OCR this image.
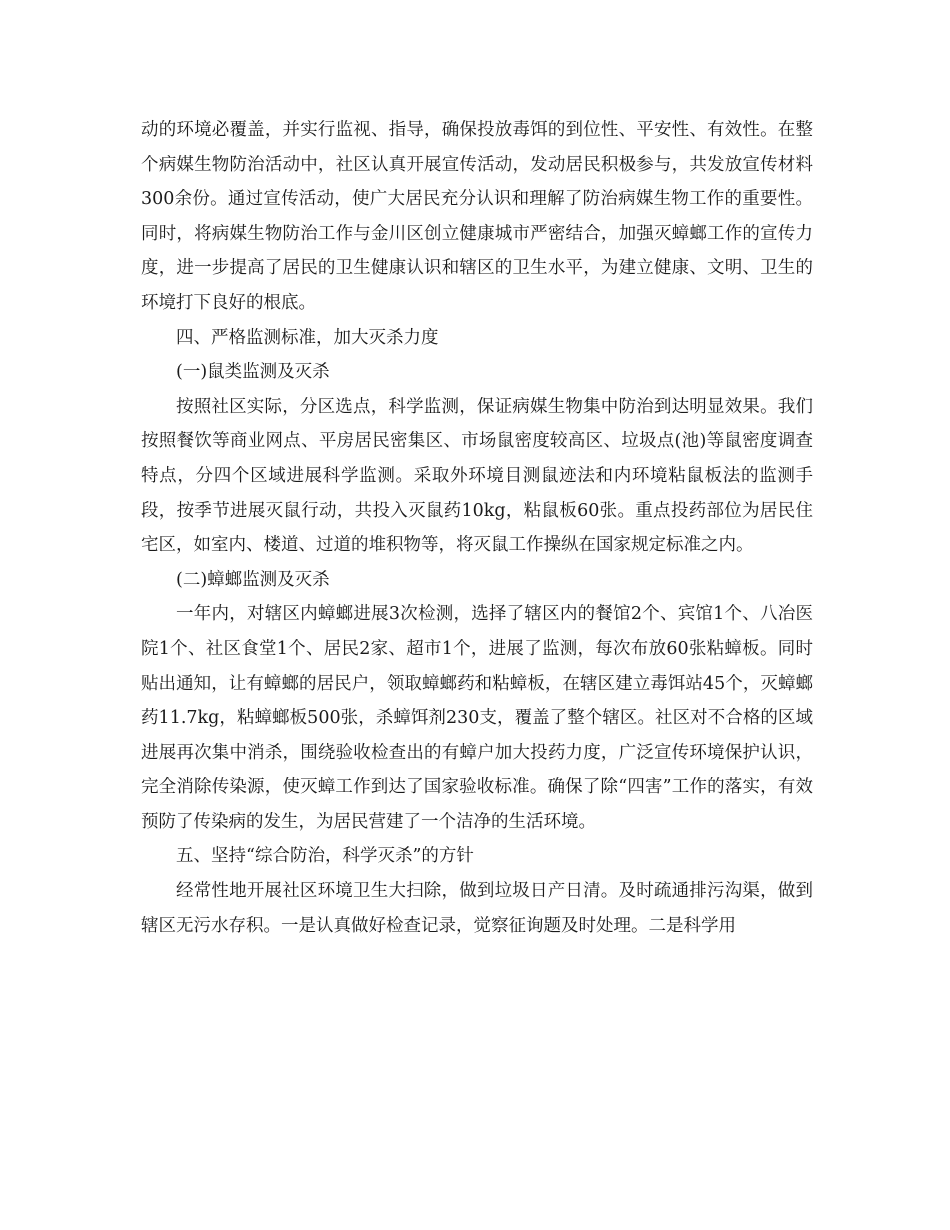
动的环境必覆盖，并实行监视、指导，确保投放毒饵的到位性、平安性、有效性。在整个病媒生物防治活动中，社区认真开展宣传活动，发动居民积极参与，共发放宣传材料300余份。通过宣传活动，使广大居民充分认识和理解了防治病媒生物工作的重要性。同时，将病媒生物防治工作与金川区创立健康城市严密结合，加强灭蟑螂工作的宣传力度，进一步提高了居民的卫生健康认识和辖区的卫生水平，为建立健康、文明、卫生的环境打下良好的根底。

四、严格监测标准，加大灭杀力度

(一)鼠类监测及灭杀

按照社区实际，分区选点，科学监测，保证病媒生物集中防治到达明显效果。我们按照餐饮等商业网点、平房居民密集区、市场鼠密度较高区、垃圾点(池)等鼠密度调查特点，分四个区域进展科学监测。采取外环境目测鼠迹法和内环境粘鼠板法的监测手段，按季节进展灭鼠行动，共投入灭鼠药10kg，粘鼠板60张。重点投药部位为居民住宅区，如室内、楼道、过道的堆积物等，将灭鼠工作操纵在国家规定标准之内。

(二)蟑螂监测及灭杀

一年内，对辖区内蟑螂进展3次检测，选择了辖区内的餐馆2个、宾馆1个、八冶医院1个、社区食堂1个、居民2家、超市1个，进展了监测，每次布放60张粘蟑板。同时贴出通知，让有蟑螂的居民户，领取蟑螂药和粘蟑板，在辖区建立毒饵站45个，灭蟑螂药11.7kg，粘蟑螂板500张，杀蟑饵剂230支，覆盖了整个辖区。社区对不合格的区域进展再次集中消杀，围绕验收检查出的有蟑户加大投药力度，广泛宣传环境保护认识，完全消除传染源，使灭蟑工作到达了国家验收标准。确保了除“四害”工作的落实，有效预防了传染病的发生，为居民营建了一个洁净的生活环境。

五、坚持“综合防治，科学灭杀”的方针

经常性地开展社区环境卫生大扫除，做到垃圾日产日清。及时疏通排污沟渠，做到辖区无污水存积。一是认真做好检查记录，觉察征询题及时处理。二是科学用
